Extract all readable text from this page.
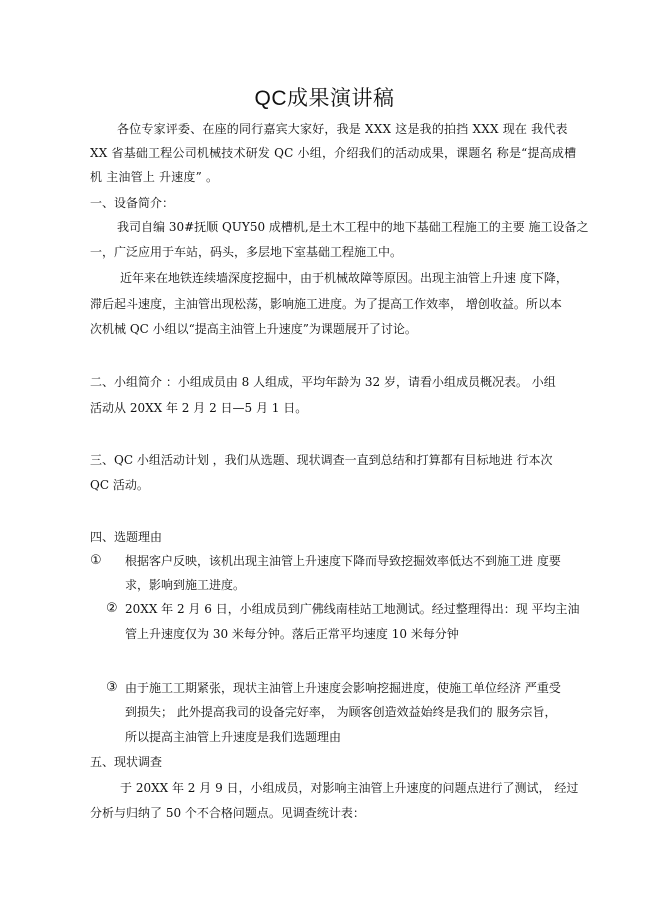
QC成果演讲稿
各位专家评委、在座的同行嘉宾大家好，我是 XXX 这是我的拍挡 XXX 现在 我代表
XX 省基础工程公司机械技术研发 QC 小组，介绍我们的活动成果，课题名 称是“提高成槽
机 主油管上 升速度” 。
一、设备简介：
我司自编 30#抚顺 QUY50 成槽机,是土木工程中的地下基础工程施工的主要 施工设备之
一，广泛应用于车站，码头，多层地下室基础工程施工中。
近年来在地铁连续墙深度挖掘中，由于机械故障等原因。出现主油管上升速 度下降，
滞后起斗速度，主油管出现松荡，影响施工进度。为了提高工作效率， 增创收益。所以本
次机械 QC 小组以“提高主油管上升速度”为课题展开了讨论。
二、小组简介 ：小组成员由 8 人组成，平均年龄为 32 岁，请看小组成员概况表。 小组
活动从 20XX 年 2 月 2 日—5 月 1 日。
三、QC 小组活动计划 ，我们从选题、现状调查一直到总结和打算都有目标地进 行本次
QC 活动。
四、选题理由
① 根据客户反映，该机出现主油管上升速度下降而导致挖掘效率低达不到施工进 度要
求，影响到施工进度。
② 20XX 年 2 月 6 日，小组成员到广佛线南桂站工地测试。经过整理得出：现 平均主油
管上升速度仅为 30 米每分钟。落后正常平均速度 10 米每分钟
③ 由于施工工期紧张，现状主油管上升速度会影响挖掘进度，使施工单位经济 严重受
到损失； 此外提高我司的设备完好率， 为顾客创造效益始终是我们的 服务宗旨，
所以提高主油管上升速度是我们选题理由
五、现状调查
于 20XX 年 2 月 9 日，小组成员，对影响主油管上升速度的问题点进行了测试， 经过
分析与归纳了 50 个不合格问题点。见调查统计表：
